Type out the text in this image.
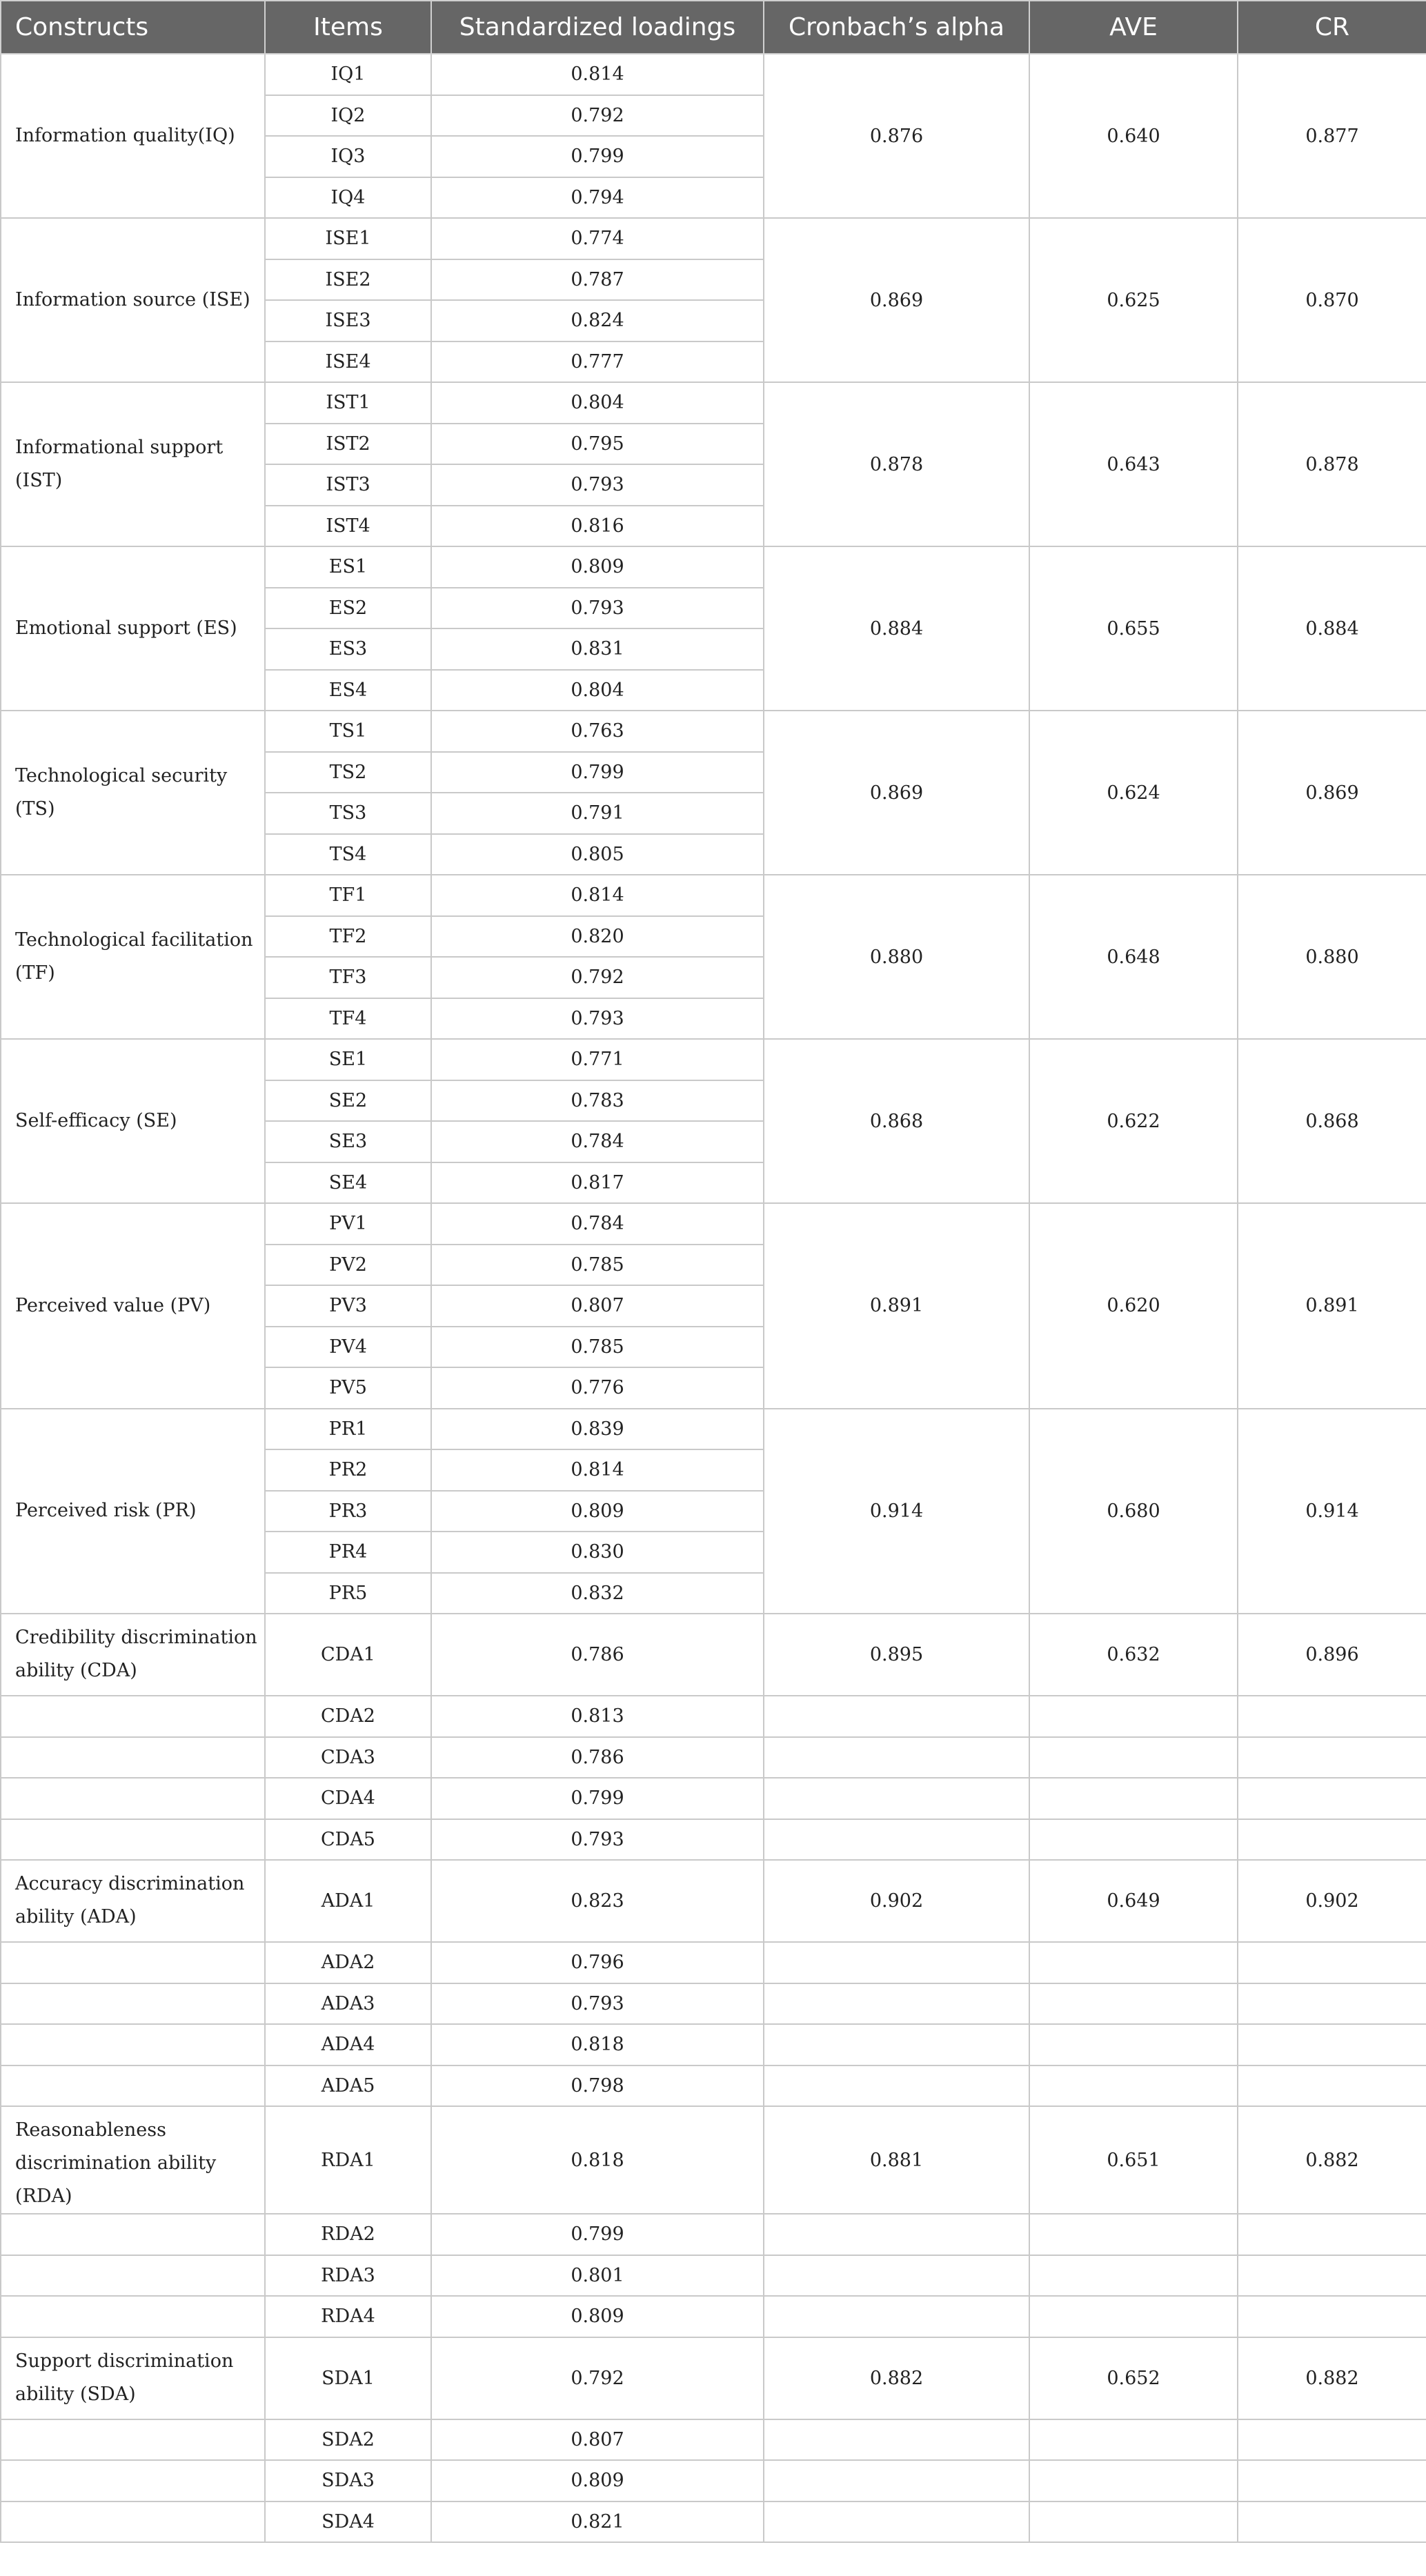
Constructs	Items	Standardized loadings	Cronbach’s alpha	AVE	CR
Information quality(IQ)	IQ1	0.814	0.876	0.640	0.877
	IQ2	0.792			
	IQ3	0.799			
	IQ4	0.794			
Information source (ISE)	ISE1	0.774	0.869	0.625	0.870
	ISE2	0.787			
	ISE3	0.824			
	ISE4	0.777			
Informational support (IST)	IST1	0.804	0.878	0.643	0.878
	IST2	0.795			
	IST3	0.793			
	IST4	0.816			
Emotional support (ES)	ES1	0.809	0.884	0.655	0.884
	ES2	0.793			
	ES3	0.831			
	ES4	0.804			
Technological security (TS)	TS1	0.763	0.869	0.624	0.869
	TS2	0.799			
	TS3	0.791			
	TS4	0.805			
Technological facilitation (TF)	TF1	0.814	0.880	0.648	0.880
	TF2	0.820			
	TF3	0.792			
	TF4	0.793			
Self-efficacy (SE)	SE1	0.771	0.868	0.622	0.868
	SE2	0.783			
	SE3	0.784			
	SE4	0.817			
Perceived value (PV)	PV1	0.784	0.891	0.620	0.891
	PV2	0.785			
	PV3	0.807			
	PV4	0.785			
	PV5	0.776			
Perceived risk (PR)	PR1	0.839	0.914	0.680	0.914
	PR2	0.814			
	PR3	0.809			
	PR4	0.830			
	PR5	0.832			
Credibility discrimination ability (CDA)	CDA1	0.786	0.895	0.632	0.896
	CDA2	0.813			
	CDA3	0.786			
	CDA4	0.799			
	CDA5	0.793			
Accuracy discrimination ability (ADA)	ADA1	0.823	0.902	0.649	0.902
	ADA2	0.796			
	ADA3	0.793			
	ADA4	0.818			
	ADA5	0.798			
Reasonableness discrimination ability (RDA)	RDA1	0.818	0.881	0.651	0.882
	RDA2	0.799			
	RDA3	0.801			
	RDA4	0.809			
Support discrimination ability (SDA)	SDA1	0.792	0.882	0.652	0.882
	SDA2	0.807			
	SDA3	0.809			
	SDA4	0.821			
